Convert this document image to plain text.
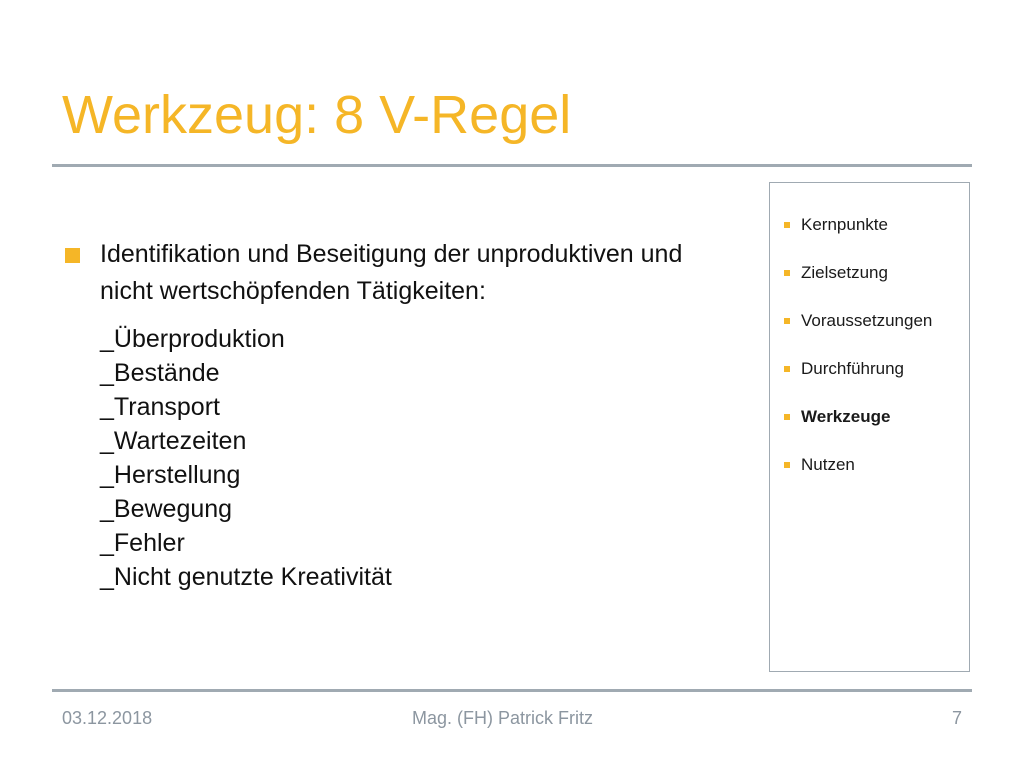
Werkzeug: 8 V-Regel
Identifikation und Beseitigung der unproduktiven und nicht wertschöpfenden Tätigkeiten:
_Überproduktion
_Bestände
_Transport
_Wartezeiten
_Herstellung
_Bewegung
_Fehler
_Nicht genutzte Kreativität
Kernpunkte
Zielsetzung
Voraussetzungen
Durchführung
Werkzeuge
Nutzen
03.12.2018	Mag. (FH) Patrick Fritz	7
